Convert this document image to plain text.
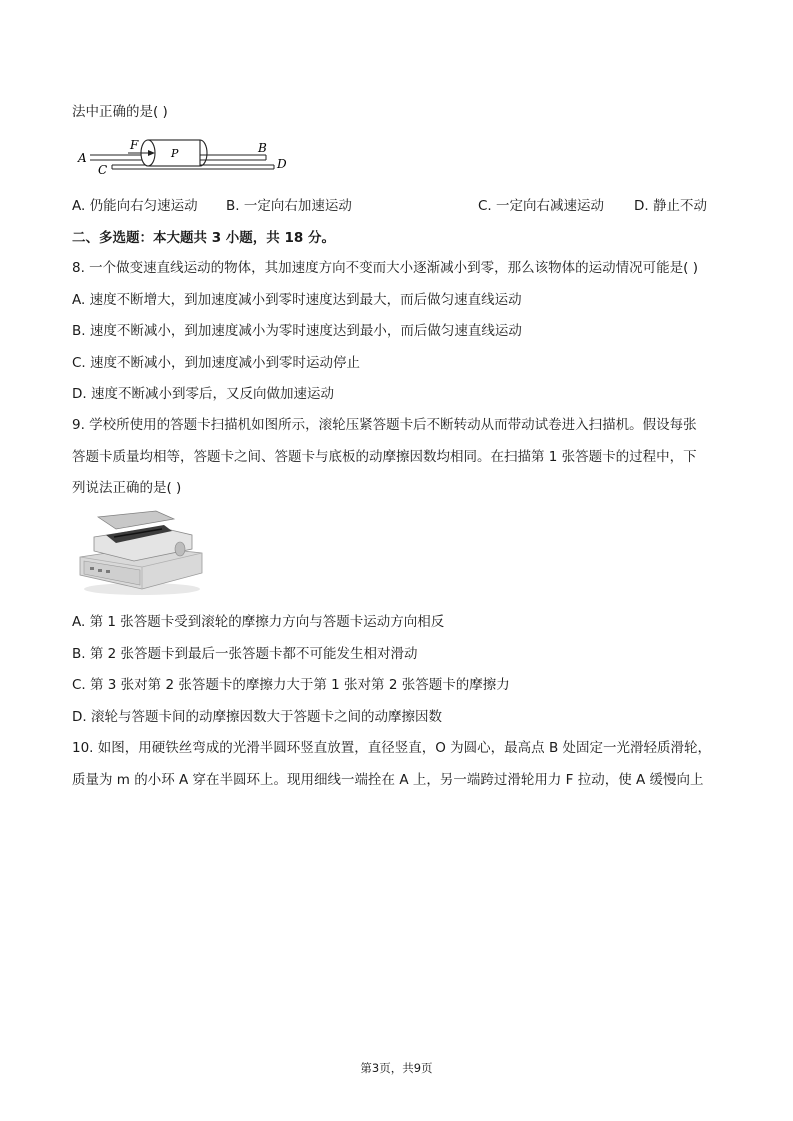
法中正确的是( )
A
C
F
P	B
D
A. 仍能向右匀速运动 B. 一定向右加速运动	C. 一定向右减速运动 D. 静止不动
二、多选题：本大题共 3 小题，共 18 分。
8. 一个做变速直线运动的物体，其加速度方向不变而大小逐渐减小到零，那么该物体的运动情况可能是( )
A. 速度不断增大，到加速度减小到零时速度达到最大，而后做匀速直线运动
B. 速度不断减小，到加速度减小为零时速度达到最小，而后做匀速直线运动
C. 速度不断减小，到加速度减小到零时运动停止
D. 速度不断减小到零后，又反向做加速运动
9. 学校所使用的答题卡扫描机如图所示，滚轮压紧答题卡后不断转动从而带动试卷进入扫描机。假设每张
答题卡质量均相等，答题卡之间、答题卡与底板的动摩擦因数均相同。在扫描第 1 张答题卡的过程中，下
列说法正确的是( )
A. 第 1 张答题卡受到滚轮的摩擦力方向与答题卡运动方向相反
B. 第 2 张答题卡到最后一张答题卡都不可能发生相对滑动
C. 第 3 张对第 2 张答题卡的摩擦力大于第 1 张对第 2 张答题卡的摩擦力
D. 滚轮与答题卡间的动摩擦因数大于答题卡之间的动摩擦因数
10. 如图，用硬铁丝弯成的光滑半圆环竖直放置，直径竖直，O 为圆心，最高点 B 处固定一光滑轻质滑轮，
质量为 m 的小环 A 穿在半圆环上。现用细线一端拴在 A 上，另一端跨过滑轮用力 F 拉动，使 A 缓慢向上
第3页，共9页
